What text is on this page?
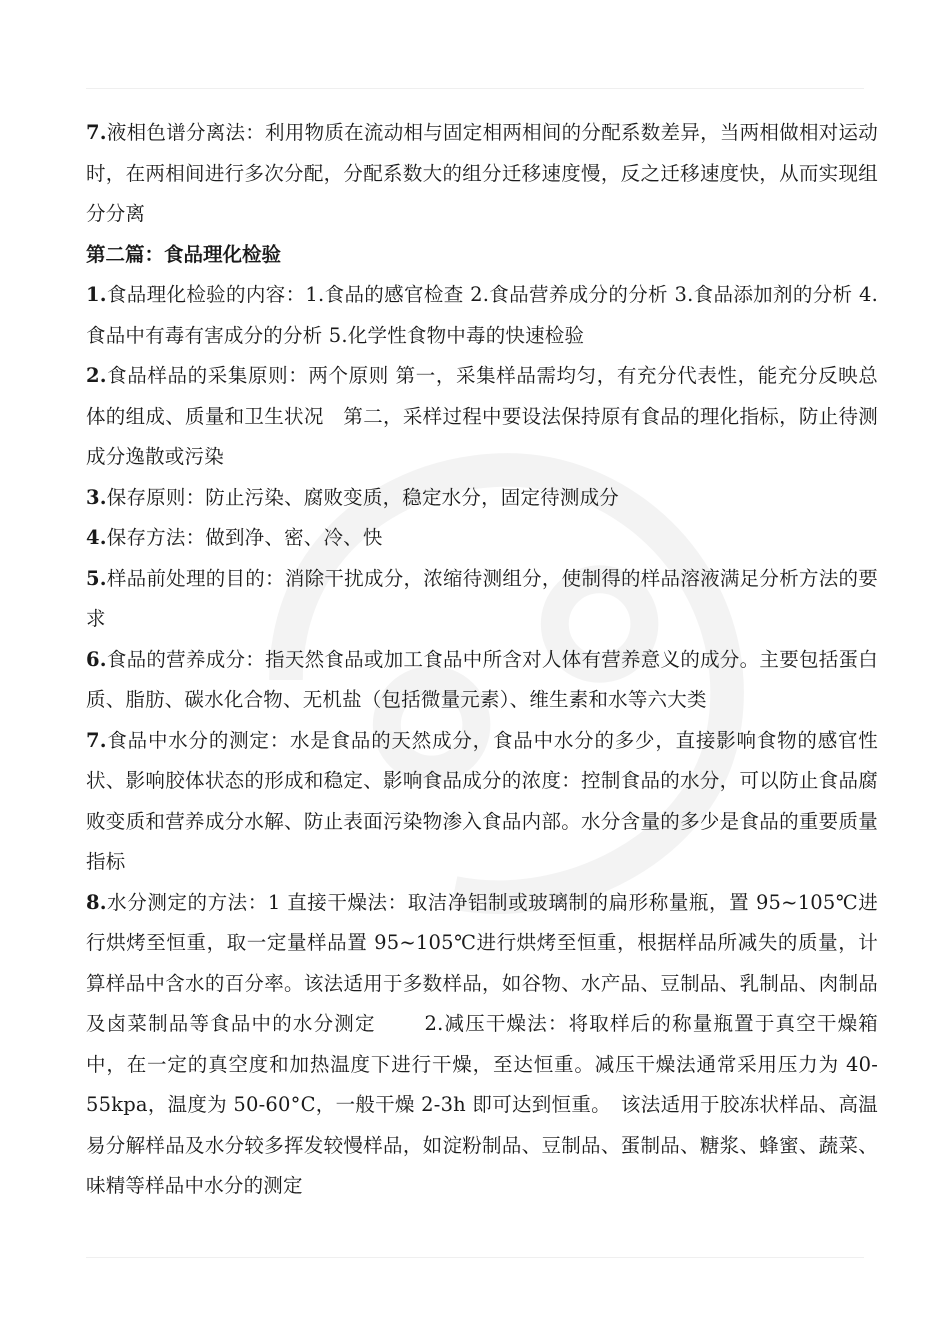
7.液相色谱分离法：利用物质在流动相与固定相两相间的分配系数差异，当两相做相对运动时，在两相间进行多次分配，分配系数大的组分迁移速度慢，反之迁移速度快，从而实现组分分离

第二篇：食品理化检验

1.食品理化检验的内容：1.食品的感官检查 2.食品营养成分的分析 3.食品添加剂的分析 4.食品中有毒有害成分的分析 5.化学性食物中毒的快速检验

2.食品样品的采集原则：两个原则 第一，采集样品需均匀，有充分代表性，能充分反映总体的组成、质量和卫生状况　第二，采样过程中要设法保持原有食品的理化指标，防止待测成分逸散或污染

3.保存原则：防止污染、腐败变质，稳定水分，固定待测成分

4.保存方法：做到净、密、冷、快

5.样品前处理的目的：消除干扰成分，浓缩待测组分，使制得的样品溶液满足分析方法的要求

6.食品的营养成分：指天然食品或加工食品中所含对人体有营养意义的成分。主要包括蛋白质、脂肪、碳水化合物、无机盐（包括微量元素）、维生素和水等六大类

7.食品中水分的测定：水是食品的天然成分，食品中水分的多少，直接影响食物的感官性状、影响胶体状态的形成和稳定、影响食品成分的浓度：控制食品的水分，可以防止食品腐败变质和营养成分水解、防止表面污染物渗入食品内部。水分含量的多少是食品的重要质量指标

8.水分测定的方法：1 直接干燥法：取洁净铝制或玻璃制的扁形称量瓶，置 95~105℃进行烘烤至恒重，取一定量样品置 95~105℃进行烘烤至恒重，根据样品所减失的质量，计算样品中含水的百分率。该法适用于多数样品，如谷物、水产品、豆制品、乳制品、肉制品及卤菜制品等食品中的水分测定　　 2.减压干燥法：将取样后的称量瓶置于真空干燥箱中，在一定的真空度和加热温度下进行干燥，至达恒重。减压干燥法通常采用压力为 40-55kpa，温度为 50-60°C，一般干燥 2-3h 即可达到恒重。　该法适用于胶冻状样品、高温易分解样品及水分较多挥发较慢样品，如淀粉制品、豆制品、蛋制品、糖浆、蜂蜜、蔬菜、味精等样品中水分的测定
